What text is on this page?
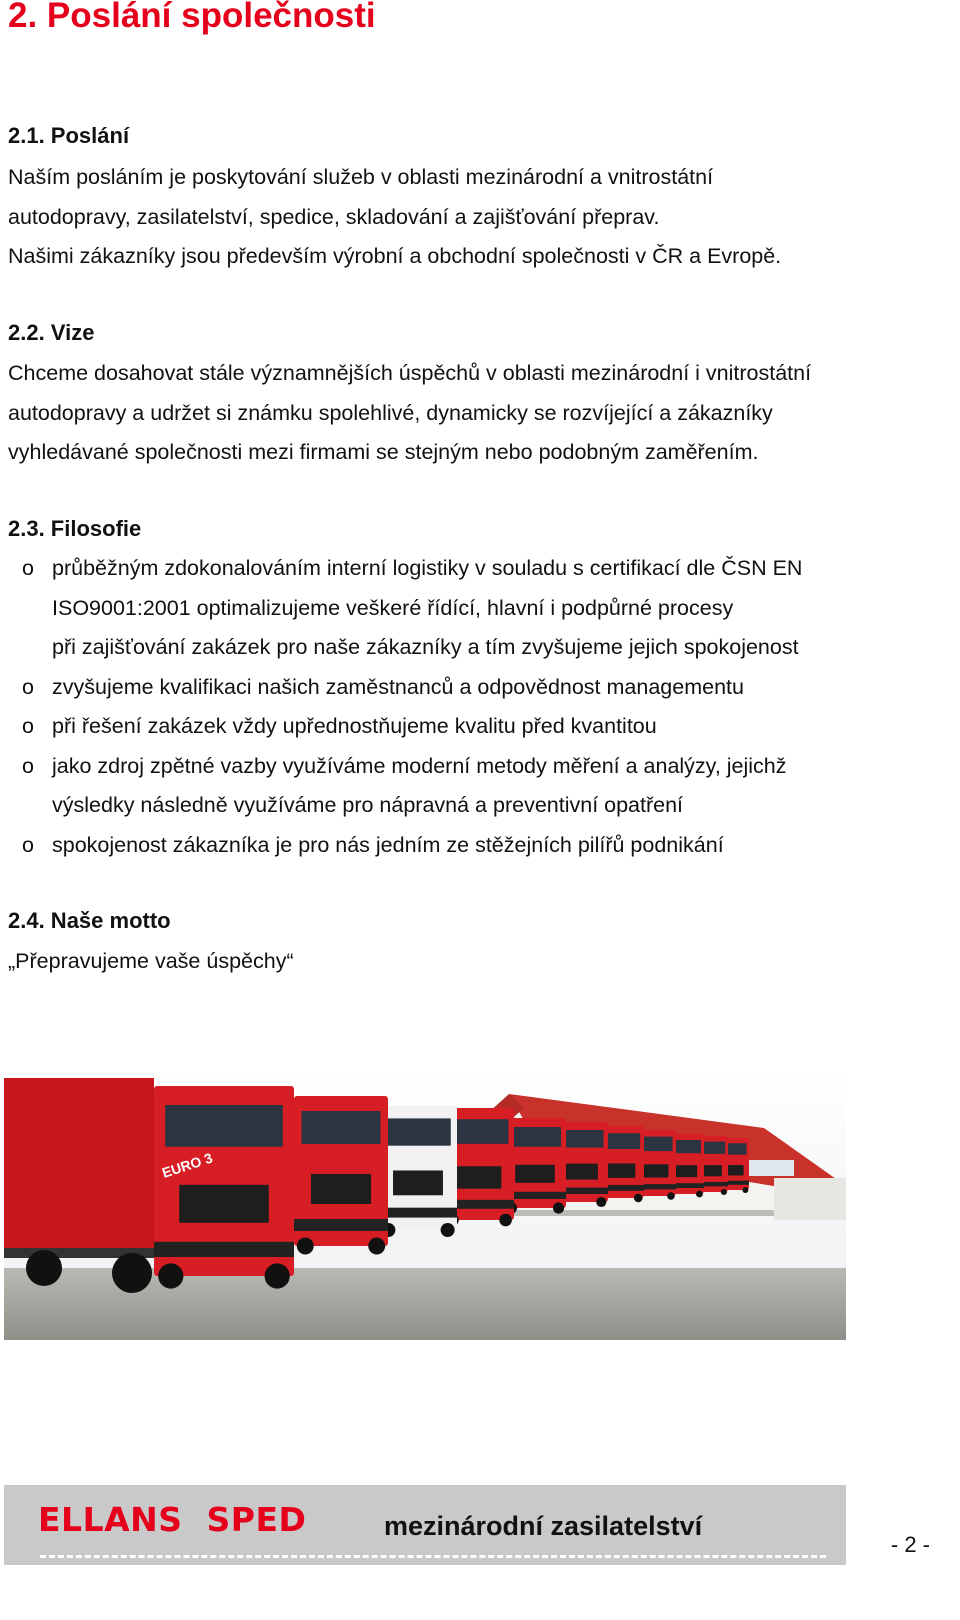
2. Poslání společnosti
2.1. Poslání
Naším posláním je poskytování služeb v oblasti mezinárodní a vnitrostátní
autodopravy, zasilatelství, spedice, skladování a zajišťování přeprav.
Našimi zákazníky jsou především výrobní a obchodní společnosti v ČR a Evropě.
2.2. Vize
Chceme dosahovat stále významnějších úspěchů v oblasti mezinárodní i vnitrostátní
autodopravy a udržet si známku spolehlivé, dynamicky se rozvíjející a zákazníky
vyhledávané společnosti mezi firmami se stejným nebo podobným zaměřením.
2.3. Filosofie
o průběžným zdokonalováním interní logistiky v souladu s certifikací dle ČSN EN
ISO9001:2001 optimalizujeme veškeré řídící, hlavní i podpůrné procesy
při zajišťování zakázek pro naše zákazníky a tím zvyšujeme jejich spokojenost
o zvyšujeme kvalifikaci našich zaměstnanců a odpovědnost managementu
o při řešení zakázek vždy upřednostňujeme kvalitu před kvantitou
o jako zdroj zpětné vazby využíváme moderní metody měření a analýzy, jejichž
výsledky následně využíváme pro nápravná a preventivní opatření
o spokojenost zákazníka je pro nás jedním ze stěžejních pilířů podnikání
2.4. Naše motto
„Přepravujeme vaše úspěchy“
EURO 3
ELLANS SPED	mezinárodní zasilatelství
- 2 -
